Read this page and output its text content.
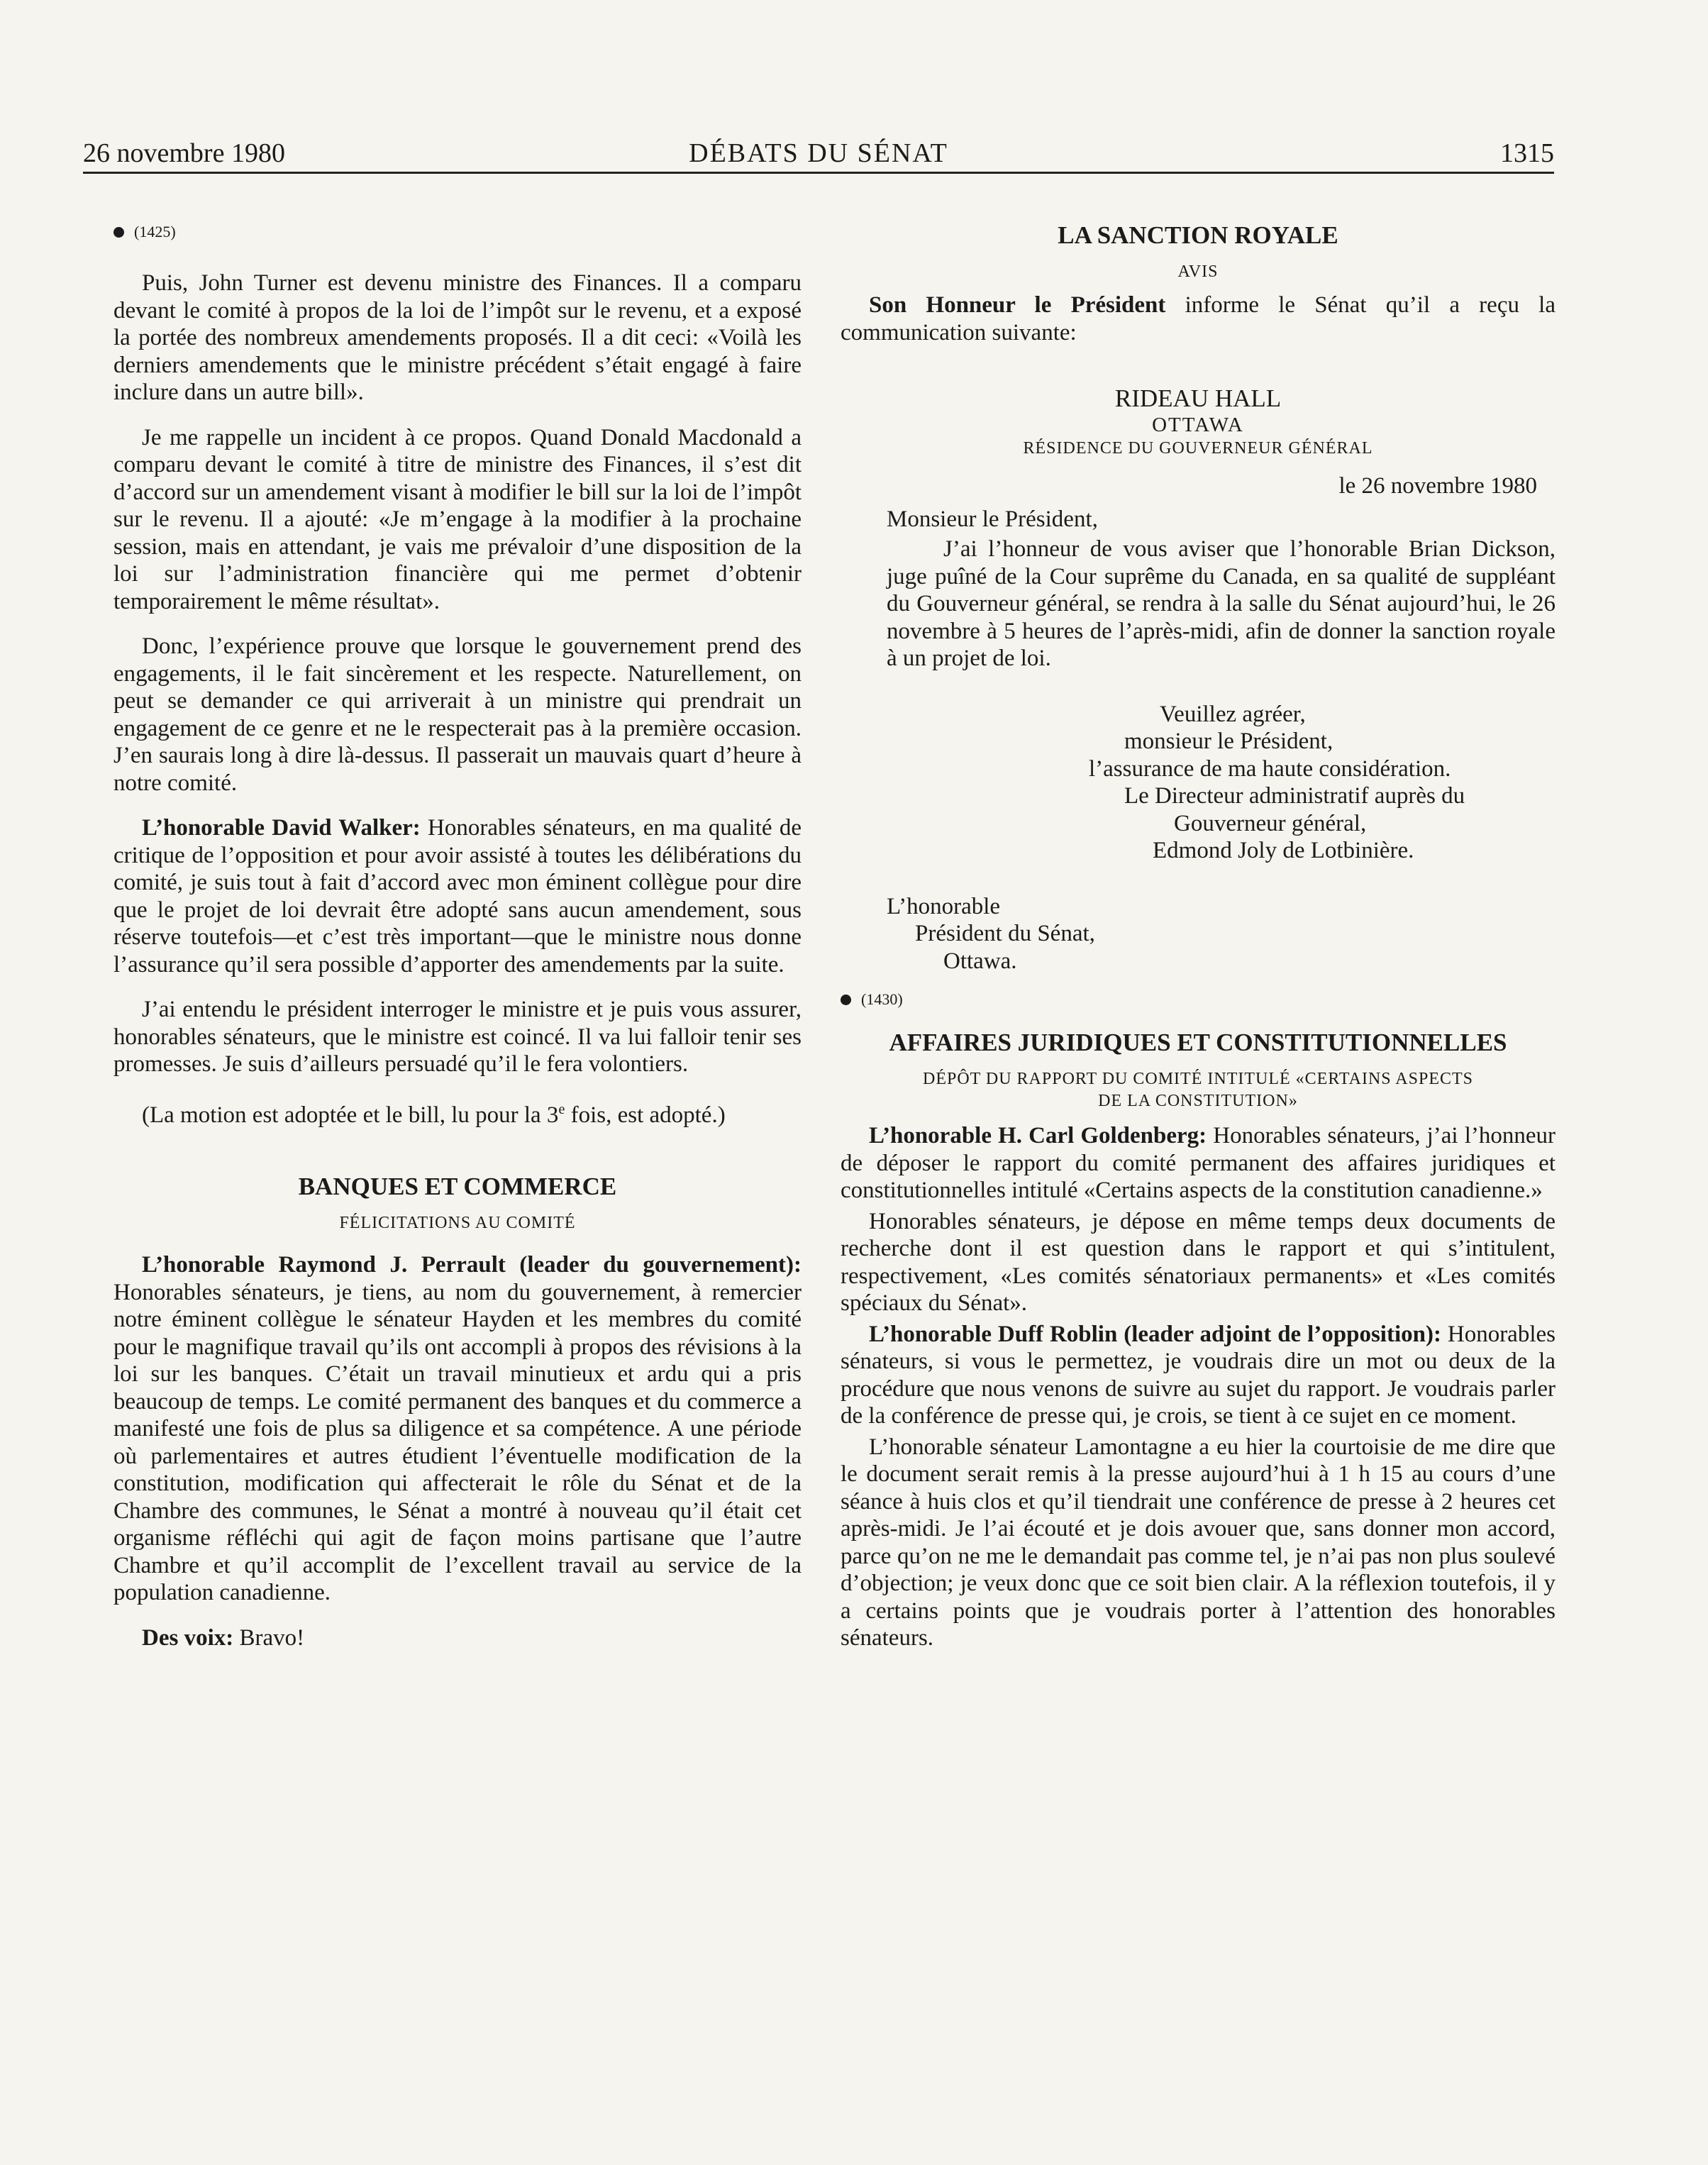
26 novembre 1980	DÉBATS DU SÉNAT	1315
(1425)

Puis, John Turner est devenu ministre des Finances. Il a comparu devant le comité à propos de la loi de l’impôt sur le revenu, et a exposé la portée des nombreux amendements proposés. Il a dit ceci: «Voilà les derniers amendements que le ministre précédent s’était engagé à faire inclure dans un autre bill».

Je me rappelle un incident à ce propos. Quand Donald Macdonald a comparu devant le comité à titre de ministre des Finances, il s’est dit d’accord sur un amendement visant à modifier le bill sur la loi de l’impôt sur le revenu. Il a ajouté: «Je m’engage à la modifier à la prochaine session, mais en attendant, je vais me prévaloir d’une disposition de la loi sur l’administration financière qui me permet d’obtenir temporairement le même résultat».

Donc, l’expérience prouve que lorsque le gouvernement prend des engagements, il le fait sincèrement et les respecte. Naturellement, on peut se demander ce qui arriverait à un ministre qui prendrait un engagement de ce genre et ne le respecterait pas à la première occasion. J’en saurais long à dire là-dessus. Il passerait un mauvais quart d’heure à notre comité.

L’honorable David Walker: Honorables sénateurs, en ma qualité de critique de l’opposition et pour avoir assisté à toutes les délibérations du comité, je suis tout à fait d’accord avec mon éminent collègue pour dire que le projet de loi devrait être adopté sans aucun amendement, sous réserve toutefois—et c’est très important—que le ministre nous donne l’assurance qu’il sera possible d’apporter des amendements par la suite.

J’ai entendu le président interroger le ministre et je puis vous assurer, honorables sénateurs, que le ministre est coincé. Il va lui falloir tenir ses promesses. Je suis d’ailleurs persuadé qu’il le fera volontiers.

(La motion est adoptée et le bill, lu pour la 3e fois, est adopté.)

BANQUES ET COMMERCE
FÉLICITATIONS AU COMITÉ

L’honorable Raymond J. Perrault (leader du gouvernement): Honorables sénateurs, je tiens, au nom du gouvernement, à remercier notre éminent collègue le sénateur Hayden et les membres du comité pour le magnifique travail qu’ils ont accompli à propos des révisions à la loi sur les banques. C’était un travail minutieux et ardu qui a pris beaucoup de temps. Le comité permanent des banques et du commerce a manifesté une fois de plus sa diligence et sa compétence. A une période où parlementaires et autres étudient l’éventuelle modification de la constitution, modification qui affecterait le rôle du Sénat et de la Chambre des communes, le Sénat a montré à nouveau qu’il était cet organisme réfléchi qui agit de façon moins partisane que l’autre Chambre et qu’il accomplit de l’excellent travail au service de la population canadienne.

Des voix: Bravo!

LA SANCTION ROYALE
AVIS

Son Honneur le Président informe le Sénat qu’il a reçu la communication suivante:

RIDEAU HALL
OTTAWA
RÉSIDENCE DU GOUVERNEUR GÉNÉRAL
le 26 novembre 1980
Monsieur le Président,

J’ai l’honneur de vous aviser que l’honorable Brian Dickson, juge puîné de la Cour suprême du Canada, en sa qualité de suppléant du Gouverneur général, se rendra à la salle du Sénat aujourd’hui, le 26 novembre à 5 heures de l’après-midi, afin de donner la sanction royale à un projet de loi.

Veuillez agréer,
monsieur le Président,
l’assurance de ma haute considération.
Le Directeur administratif auprès du
Gouverneur général,
Edmond Joly de Lotbinière.
L’honorable
Président du Sénat,
Ottawa.
(1430)
AFFAIRES JURIDIQUES ET CONSTITUTIONNELLES
DÉPÔT DU RAPPORT DU COMITÉ INTITULÉ «CERTAINS ASPECTS
DE LA CONSTITUTION»

L’honorable H. Carl Goldenberg: Honorables sénateurs, j’ai l’honneur de déposer le rapport du comité permanent des affaires juridiques et constitutionnelles intitulé «Certains aspects de la constitution canadienne.»

Honorables sénateurs, je dépose en même temps deux documents de recherche dont il est question dans le rapport et qui s’intitulent, respectivement, «Les comités sénatoriaux permanents» et «Les comités spéciaux du Sénat».

L’honorable Duff Roblin (leader adjoint de l’opposition): Honorables sénateurs, si vous le permettez, je voudrais dire un mot ou deux de la procédure que nous venons de suivre au sujet du rapport. Je voudrais parler de la conférence de presse qui, je crois, se tient à ce sujet en ce moment.

L’honorable sénateur Lamontagne a eu hier la courtoisie de me dire que le document serait remis à la presse aujourd’hui à 1 h 15 au cours d’une séance à huis clos et qu’il tiendrait une conférence de presse à 2 heures cet après-midi. Je l’ai écouté et je dois avouer que, sans donner mon accord, parce qu’on ne me le demandait pas comme tel, je n’ai pas non plus soulevé d’objection; je veux donc que ce soit bien clair. A la réflexion toutefois, il y a certains points que je voudrais porter à l’attention des honorables sénateurs.
